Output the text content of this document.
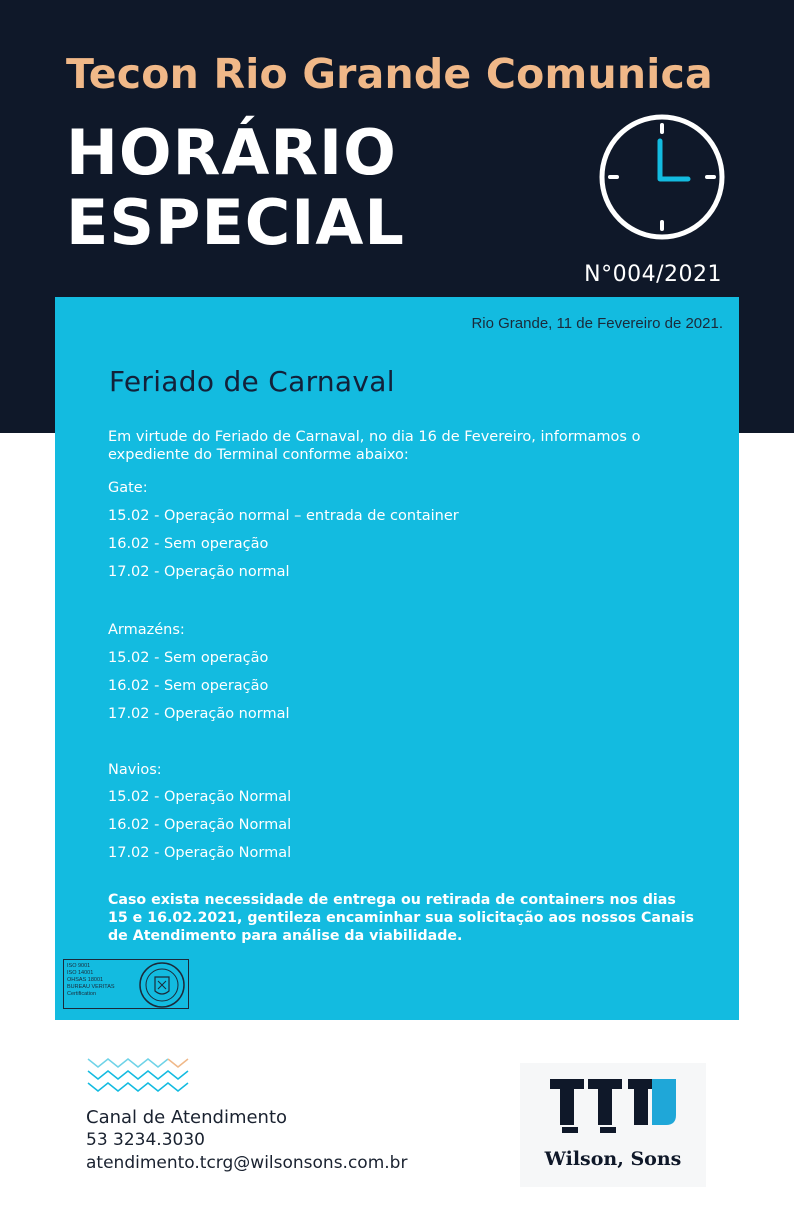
Tecon Rio Grande Comunica
HORÁRIO
ESPECIAL
N°004/2021
Rio Grande, 11 de Fevereiro de 2021.
Feriado de Carnaval
Em virtude do Feriado de Carnaval, no dia 16 de Fevereiro, informamos o expediente do Terminal conforme abaixo:
Gate:
15.02 - Operação normal – entrada de container
16.02 - Sem operação
17.02 - Operação normal
Armazéns:
15.02 - Sem operação
16.02 - Sem operação
17.02 - Operação normal
Navios:
15.02 - Operação Normal
16.02 - Operação Normal
17.02 - Operação Normal
Caso exista necessidade de entrega ou retirada de containers nos dias 15 e 16.02.2021, gentileza encaminhar sua solicitação aos nossos Canais de Atendimento para análise da viabilidade.
ISO 9001
ISO 14001
OHSAS 18001
BUREAU VERITAS
Certification
Canal de Atendimento
53 3234.3030
atendimento.tcrg@wilsonsons.com.br	Wilson, Sons
